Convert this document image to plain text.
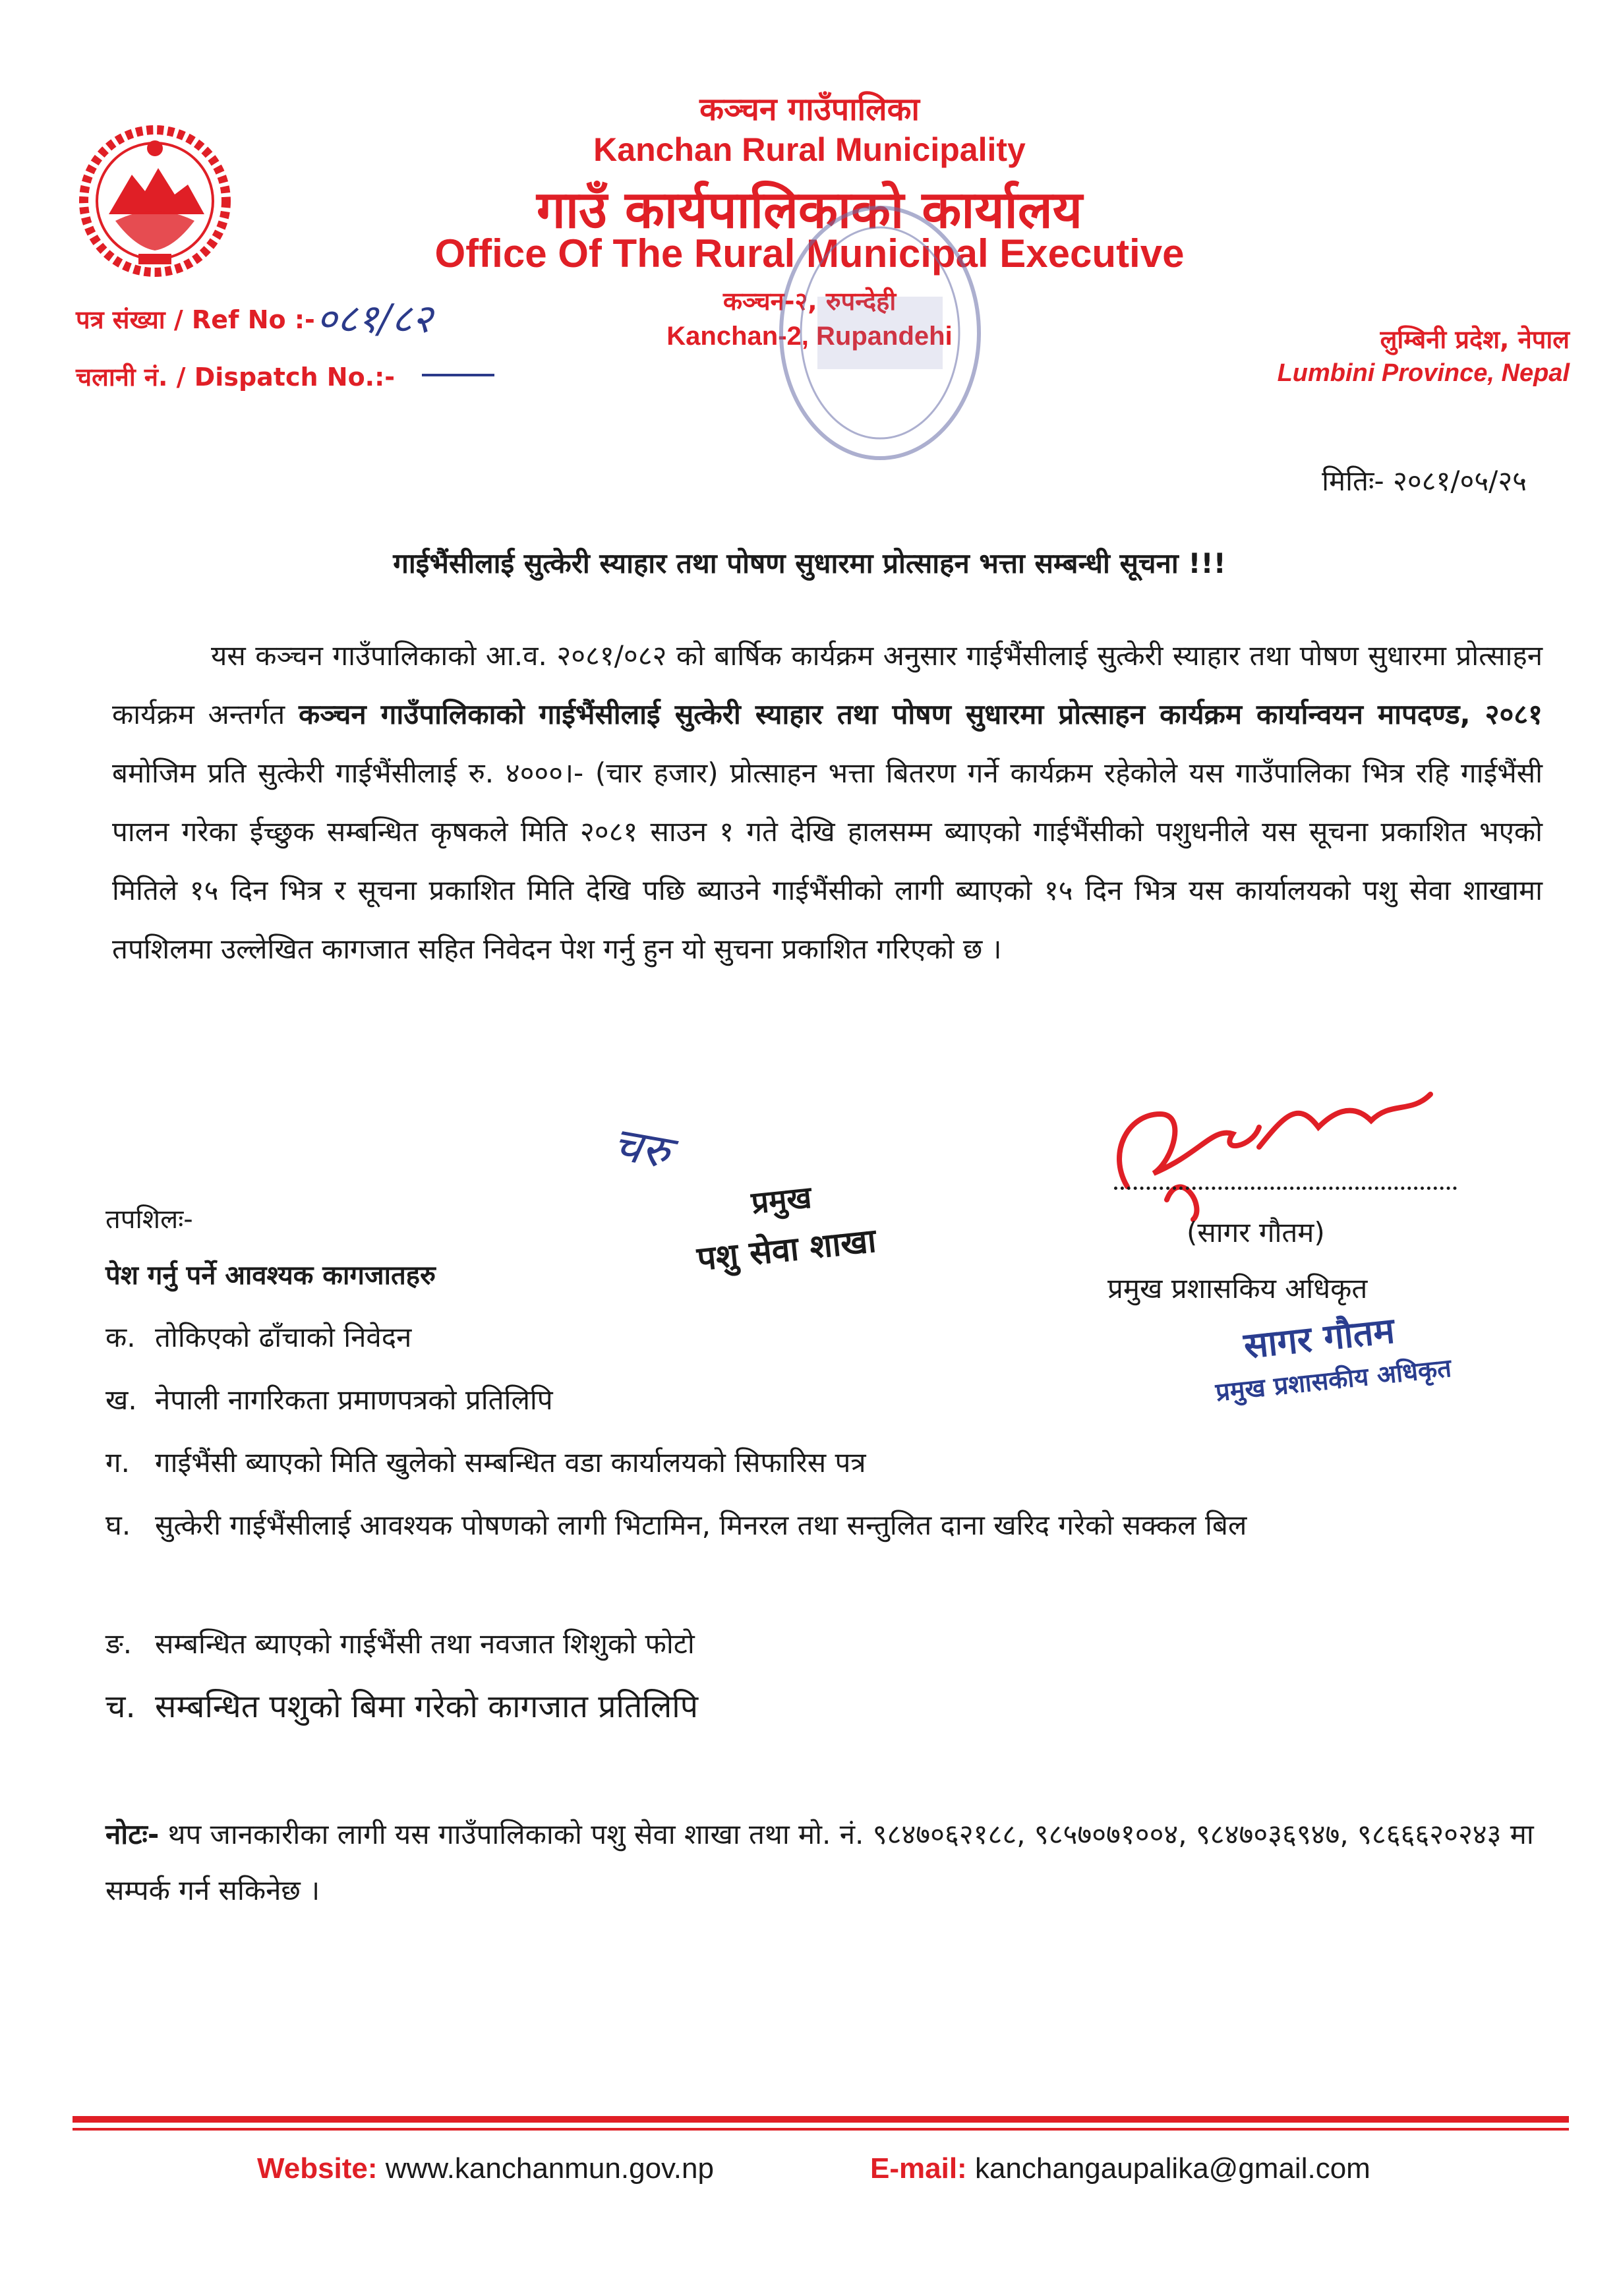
कञ्चन गाउँपालिका
Kanchan Rural Municipality
गाउँ कार्यपालिकाको कार्यालय
Office Of The Rural Municipal Executive
कञ्चन-२, रुपन्देही
Kanchan-2, Rupandehi
पत्र संख्या / Ref No :- ०८१/८२
चलानी नं. / Dispatch No.:-
लुम्बिनी प्रदेश, नेपाल
Lumbini Province, Nepal
मितिः- २०८१/०५/२५
गाईभैंसीलाई सुत्केरी स्याहार तथा पोषण सुधारमा प्रोत्साहन भत्ता सम्बन्धी सूचना !!!
यस कञ्चन गाउँपालिकाको आ.व. २०८१/०८२ को बार्षिक कार्यक्रम अनुसार गाईभैंसीलाई सुत्केरी स्याहार तथा पोषण सुधारमा प्रोत्साहन कार्यक्रम अन्तर्गत कञ्चन गाउँपालिकाको गाईभैंसीलाई सुत्केरी स्याहार तथा पोषण सुधारमा प्रोत्साहन कार्यक्रम कार्यान्वयन मापदण्ड, २०८१ बमोजिम प्रति सुत्केरी गाईभैंसीलाई रु. ४०००।- (चार हजार) प्रोत्साहन भत्ता बितरण गर्ने कार्यक्रम रहेकोले यस गाउँपालिका भित्र रहि गाईभैंसी पालन गरेका ईच्छुक सम्बन्धित कृषकले मिति २०८१ साउन १ गते देखि हालसम्म ब्याएको गाईभैंसीको पशुधनीले यस सूचना प्रकाशित भएको मितिले १५ दिन भित्र र सूचना प्रकाशित मिति देखि पछि ब्याउने गाईभैंसीको लागी ब्याएको १५ दिन भित्र यस कार्यालयको पशु सेवा शाखामा तपशिलमा उल्लेखित कागजात सहित निवेदन पेश गर्नु हुन यो सुचना प्रकाशित गरिएको छ ।
चरु
प्रमुख
पशु सेवा शाखा	(सागर गौतम)
प्रमुख प्रशासकिय अधिकृत
सागर गौतम
प्रमुख प्रशासकीय अधिकृत
तपशिलः-
पेश गर्नु पर्ने आवश्यक कागजातहरु
क. तोकिएको ढाँचाको निवेदन
ख. नेपाली नागरिकता प्रमाणपत्रको प्रतिलिपि
ग. गाईभैंसी ब्याएको मिति खुलेको सम्बन्धित वडा कार्यालयको सिफारिस पत्र
घ. सुत्केरी गाईभैंसीलाई आवश्यक पोषणको लागी भिटामिन, मिनरल तथा सन्तुलित दाना खरिद गरेको सक्कल बिल
ङ. सम्बन्धित ब्याएको गाईभैंसी तथा नवजात शिशुको फोटो
च. सम्बन्धित पशुको बिमा गरेको कागजात प्रतिलिपि
नोटः- थप जानकारीका लागी यस गाउँपालिकाको पशु सेवा शाखा तथा मो. नं. ९८४७०६२१८८, ९८५७०७१००४, ९८४७०३६९४७, ९८६६६२०२४३ मा सम्पर्क गर्न सकिनेछ ।
Website: www.kanchanmun.gov.np	E-mail: kanchangaupalika@gmail.com
